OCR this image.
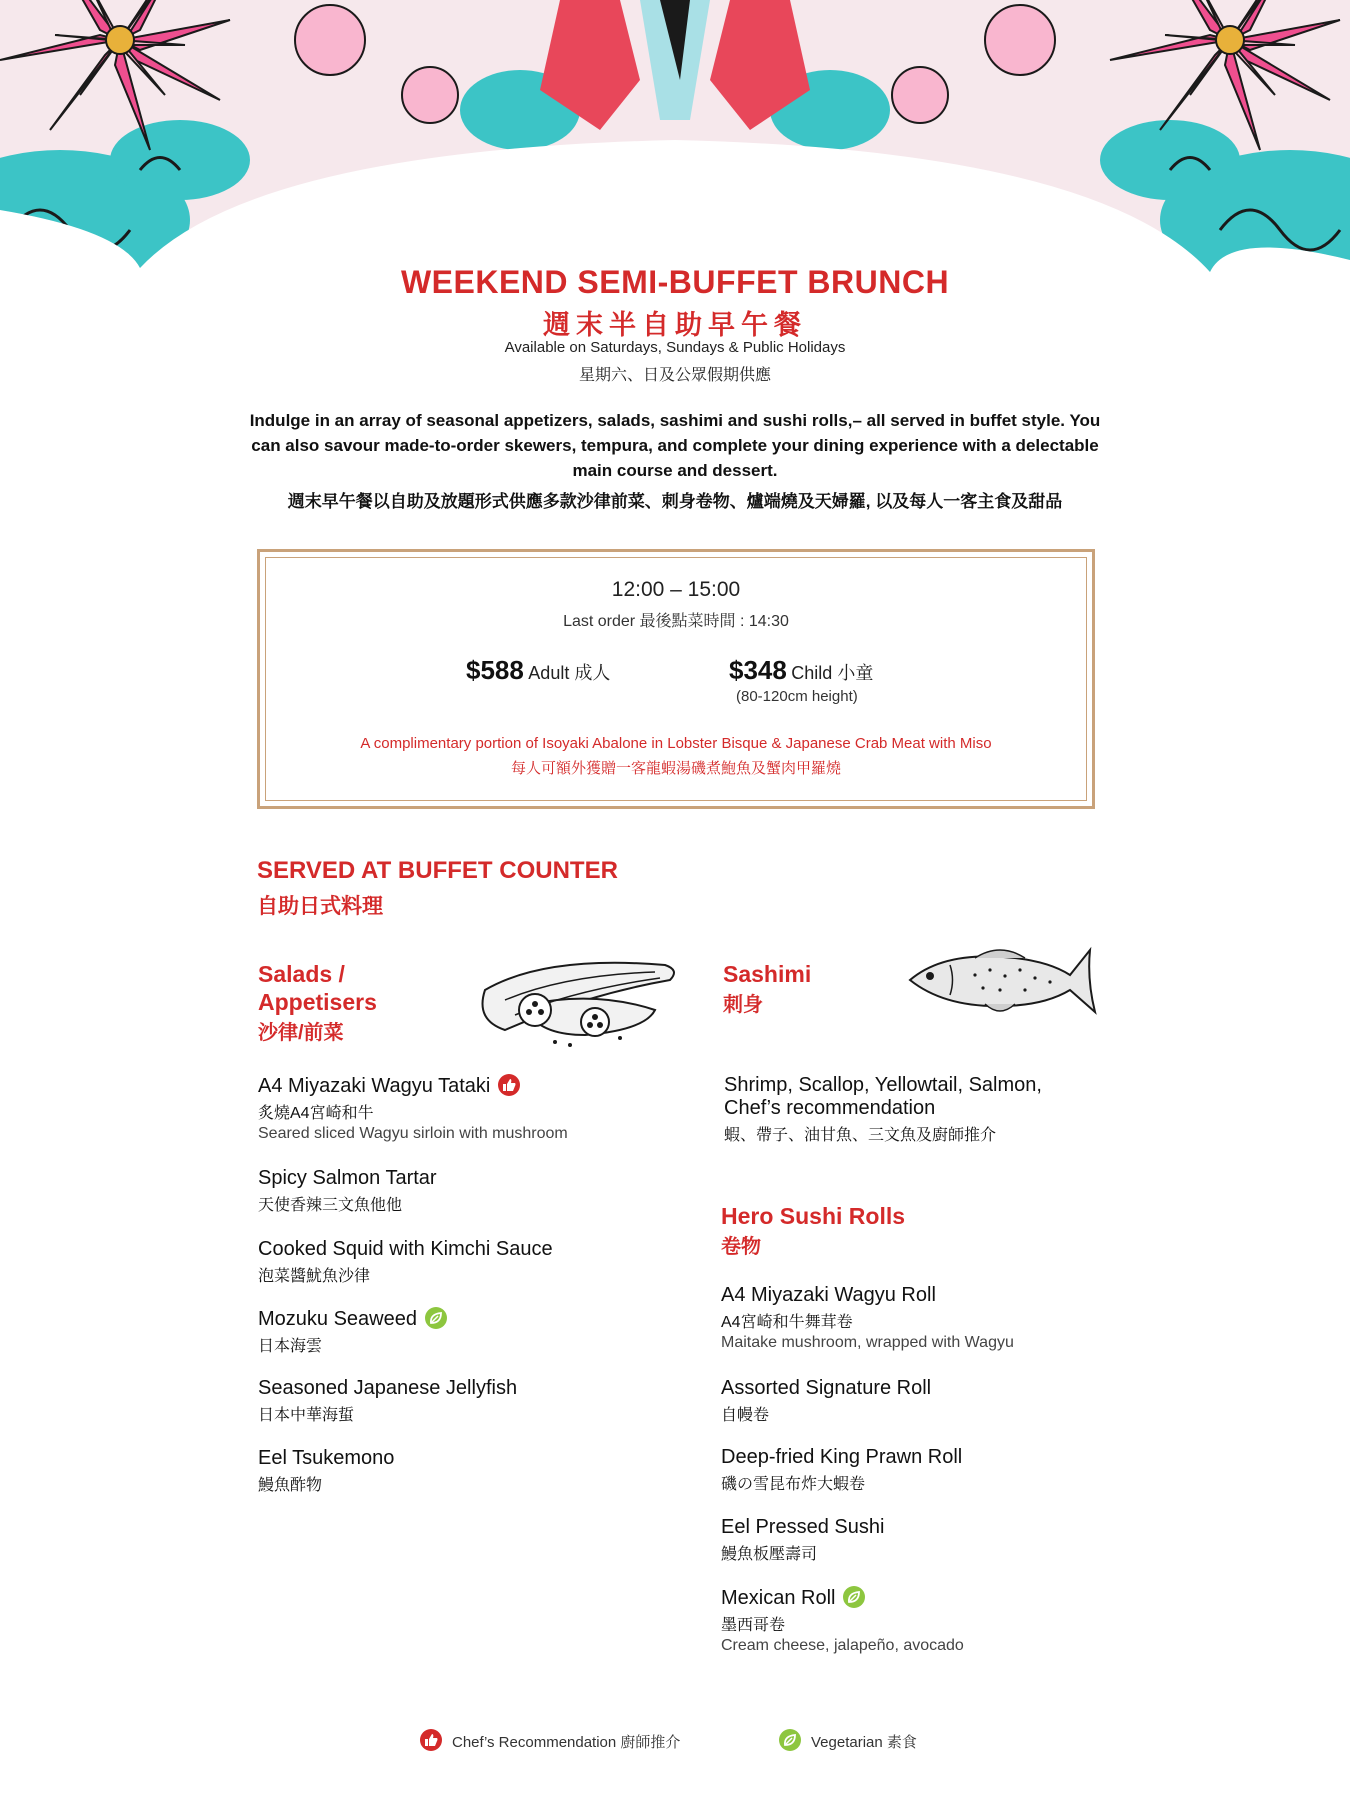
WEEKEND SEMI-BUFFET BRUNCH
週末半自助早午餐
Available on Saturdays, Sundays & Public Holidays
星期六、日及公眾假期供應
Indulge in an array of seasonal appetizers, salads, sashimi and sushi rolls,– all served in buffet style. You can also savour made-to-order skewers, tempura, and complete your dining experience with a delectable main course and dessert.
週末早午餐以自助及放題形式供應多款沙律前菜、刺身卷物、爐端燒及天婦羅, 以及每人一客主食及甜品
12:00 – 15:00
Last order 最後點菜時間 : 14:30
$588 Adult 成人	$348 Child 小童
(80-120cm height)
A complimentary portion of Isoyaki Abalone in Lobster Bisque & Japanese Crab Meat with Miso
每人可額外獲贈一客龍蝦湯磯煮鮑魚及蟹肉甲羅燒
SERVED AT BUFFET COUNTER
自助日式料理
Salads /
Appetisers
沙律/前菜
A4 Miyazaki Wagyu Tataki
炙燒A4宮崎和牛
Seared sliced Wagyu sirloin with mushroom
Spicy Salmon Tartar
天使香辣三文魚他他
Cooked Squid with Kimchi Sauce
泡菜醬魷魚沙律
Mozuku Seaweed
日本海雲
Seasoned Japanese Jellyfish
日本中華海蜇
Eel Tsukemono
鰻魚酢物
Sashimi
刺身
Shrimp, Scallop, Yellowtail, Salmon,
Chef’s recommendation
蝦、帶子、油甘魚、三文魚及廚師推介
Hero Sushi Rolls
卷物
A4 Miyazaki Wagyu Roll
A4宮崎和牛舞茸卷
Maitake mushroom, wrapped with Wagyu
Assorted Signature Roll
自幔卷
Deep-fried King Prawn Roll
磯の雪昆布炸大蝦卷
Eel Pressed Sushi
鰻魚板壓壽司
Mexican Roll
墨西哥卷
Cream cheese, jalapeño, avocado
Chef’s Recommendation 廚師推介	Vegetarian 素食
